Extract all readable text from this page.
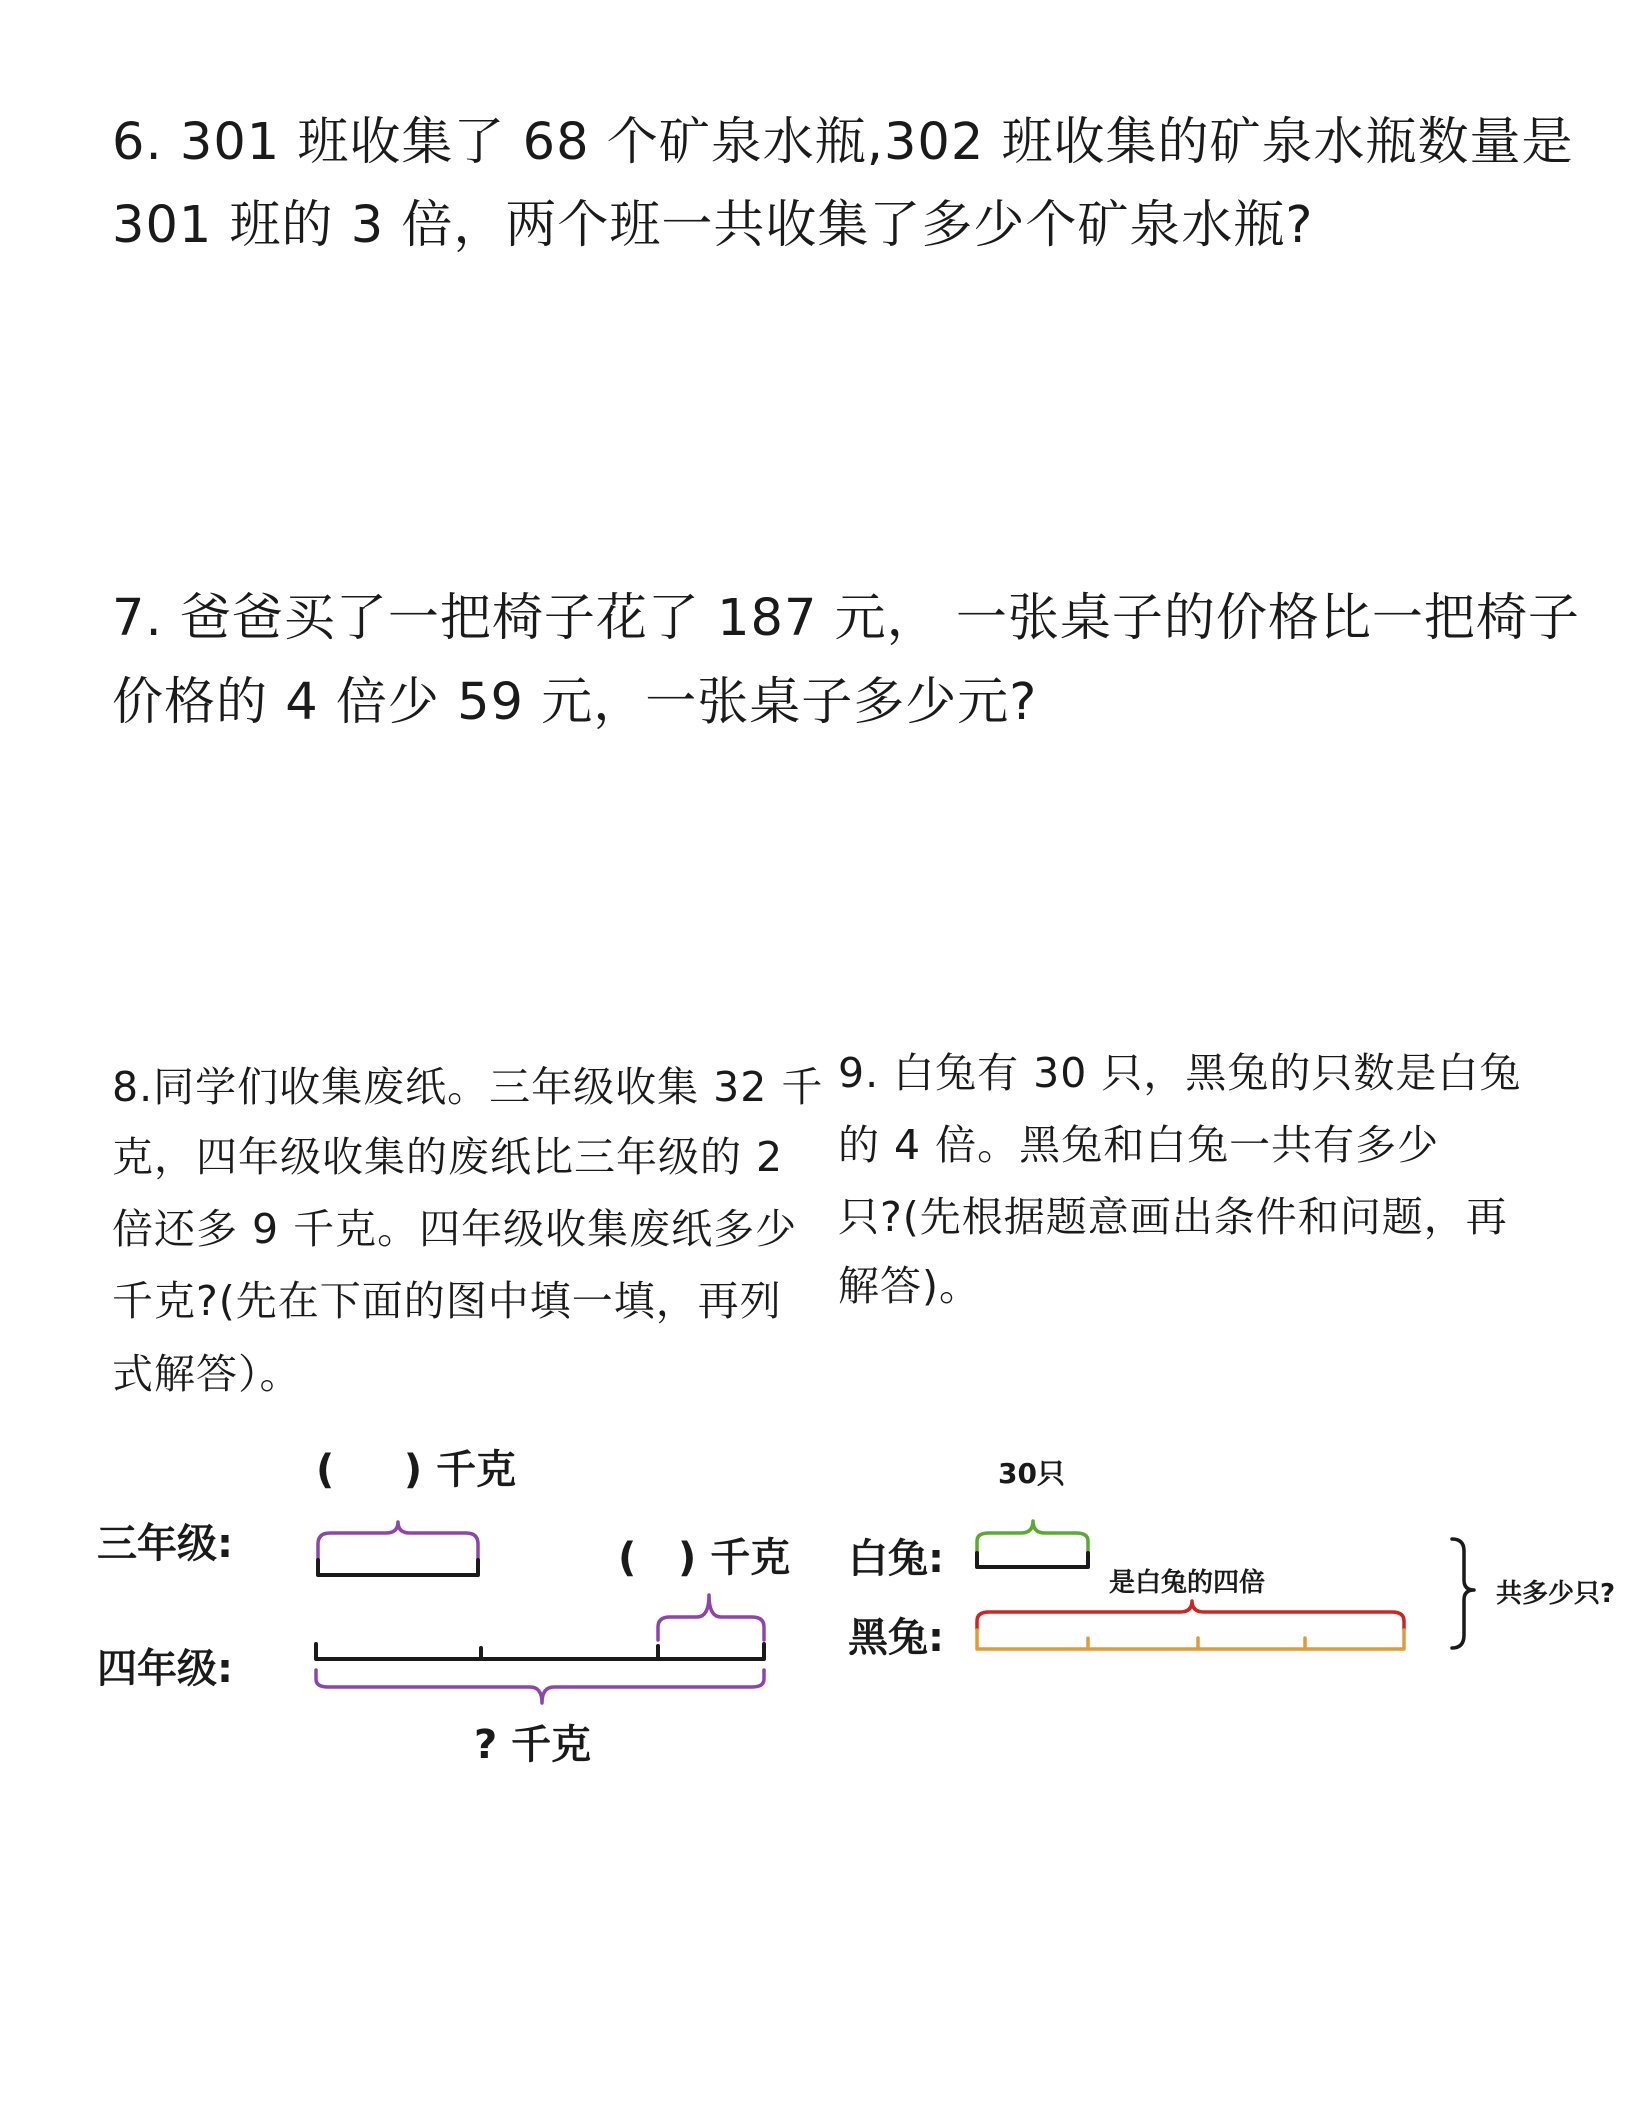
6. 301 班收集了 68 个矿泉水瓶,302 班收集的矿泉水瓶数量是
301 班的 3 倍，两个班一共收集了多少个矿泉水瓶?
7. 爸爸买了一把椅子花了 187 元， 一张桌子的价格比一把椅子
价格的 4 倍少 59 元，一张桌子多少元?
8.同学们收集废纸。三年级收集 32 千
克，四年级收集的废纸比三年级的 2
倍还多 9 千克。四年级收集废纸多少
千克?(先在下面的图中填一填，再列
式解答）。
9. 白兔有 30 只，黑兔的只数是白兔
的 4 倍。黑兔和白兔一共有多少
只?(先根据题意画出条件和问题，再
解答)。
(     ) 千克
三年级:	(   ) 千克
四年级:
? 千克
30只
白兔:
是白兔的四倍
黑兔:
共多少只?
